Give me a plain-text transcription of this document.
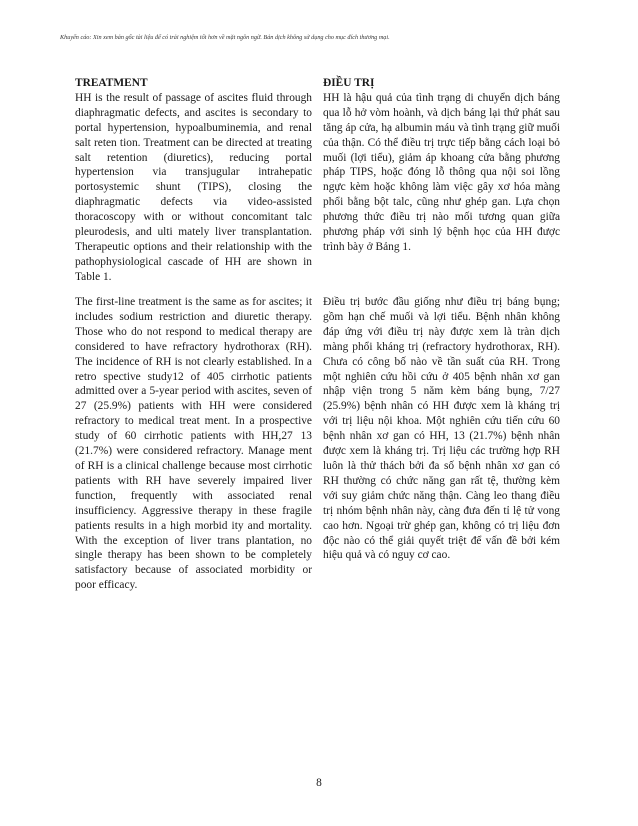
Khuyến cáo: Xin xem bản gốc tài liệu để có trải nghiệm tốt hơn về mặt ngôn ngữ. Bản dịch không sử dụng cho mục đích thương mại.
TREATMENT
HH is the result of passage of ascites fluid through diaphragmatic defects, and ascites is secondary to portal hypertension, hypoalbuminemia, and renal salt reten tion. Treatment can be directed at treating salt retention (diuretics), reducing portal hypertension via transjugular intrahepatic portosystemic shunt (TIPS), closing the diaphragmatic defects via video-assisted thoracoscopy with or without concomitant talc pleurodesis, and ulti mately liver transplantation. Therapeutic options and their relationship with the pathophysiological cascade of HH are shown in Table 1.
ĐIỀU TRỊ
HH là hậu quả của tình trạng di chuyển dịch báng qua lỗ hở vòm hoành, và dịch báng lại thứ phát sau tăng áp cửa, hạ albumin máu và tình trạng giữ muối của thận. Có thể điều trị trực tiếp bằng cách loại bỏ muối (lợi tiểu), giảm áp khoang cửa bằng phương pháp TIPS, hoặc đóng lỗ thông qua nội soi lồng ngực kèm hoặc không làm việc gây xơ hóa màng phổi bằng bột talc, cũng như ghép gan. Lựa chọn phương thức điều trị nào mối tương quan giữa phương pháp với sinh lý bệnh học của HH được trình bày ở Bảng 1.
The first-line treatment is the same as for ascites; it includes sodium restriction and diuretic therapy. Those who do not respond to medical therapy are considered to have refractory hydrothorax (RH). The incidence of RH is not clearly established. In a retro spective study12 of 405 cirrhotic patients admitted over a 5-year period with ascites, seven of 27 (25.9%) patients with HH were considered refractory to medical treat ment. In a prospective study of 60 cirrhotic patients with HH,27 13 (21.7%) were considered refractory. Manage ment of RH is a clinical challenge because most cirrhotic patients with RH have severely impaired liver function, frequently with associated renal insufficiency. Aggressive therapy in these fragile patients results in a high morbid ity and mortality. With the exception of liver trans plantation, no single therapy has been shown to be completely satisfactory because of associated morbidity or poor efficacy.
Điều trị bước đầu giống như điều trị báng bụng; gồm hạn chế muối và lợi tiểu. Bệnh nhân không đáp ứng với điều trị này được xem là tràn dịch màng phổi kháng trị (refractory hydrothorax, RH). Chưa có công bố nào về tần suất của RH. Trong một nghiên cứu hồi cứu ở 405 bệnh nhân xơ gan nhập viện trong 5 năm kèm báng bụng, 7/27 (25.9%) bệnh nhân có HH được xem là kháng trị với trị liệu nội khoa. Một nghiên cứu tiến cứu 60 bệnh nhân xơ gan có HH, 13 (21.7%) bệnh nhân được xem là kháng trị. Trị liệu các trường hợp RH luôn là thử thách bởi đa số bệnh nhân xơ gan có RH thường có chức năng gan rất tệ, thường kèm với suy giảm chức năng thận. Càng leo thang điều trị nhóm bệnh nhân này, càng đưa đến tỉ lệ tử vong cao hơn. Ngoại trừ ghép gan, không có trị liệu đơn độc nào có thể giải quyết triệt để vấn đề bởi kém hiệu quả và có nguy cơ cao.
8
